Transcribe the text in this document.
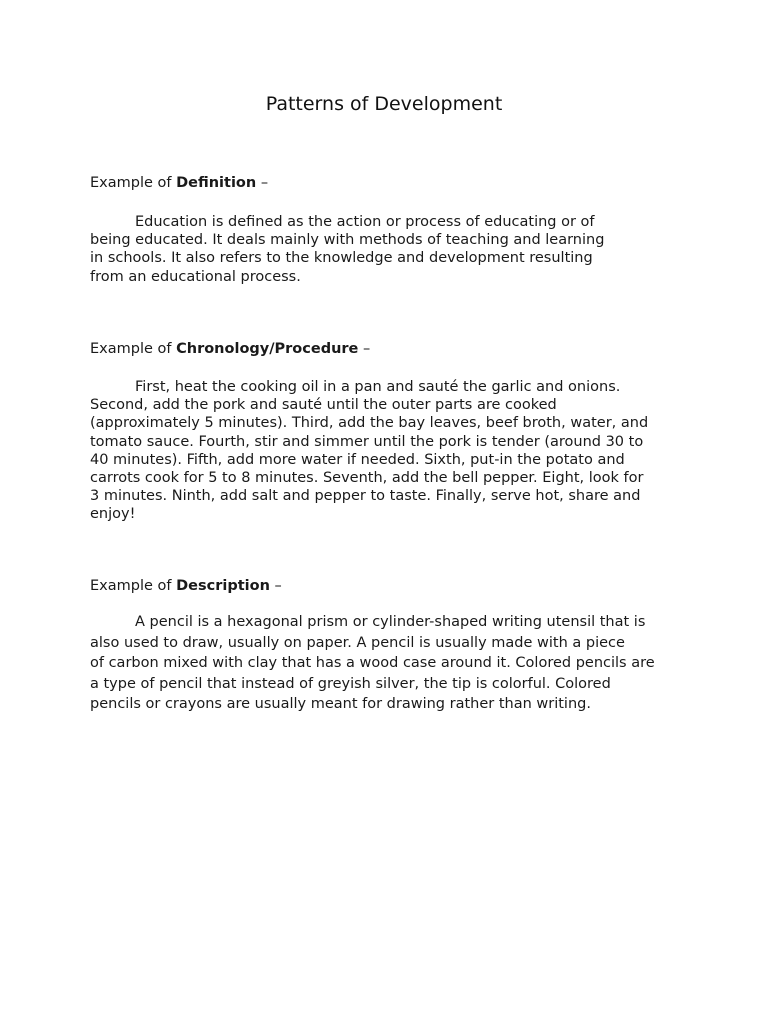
Patterns of Development
Example of Definition –
Education is defined as the action or process of educating or of
being educated. It deals mainly with methods of teaching and learning
in schools. It also refers to the knowledge and development resulting
from an educational process.
Example of Chronology/Procedure –
First, heat the cooking oil in a pan and sauté the garlic and onions.
Second, add the pork and sauté until the outer parts are cooked
(approximately 5 minutes). Third, add the bay leaves, beef broth, water, and
tomato sauce. Fourth, stir and simmer until the pork is tender (around 30 to
40 minutes). Fifth, add more water if needed. Sixth, put-in the potato and
carrots cook for 5 to 8 minutes. Seventh, add the bell pepper. Eight, look for
3 minutes. Ninth, add salt and pepper to taste. Finally, serve hot, share and
enjoy!
Example of Description –
A pencil is a hexagonal prism or cylinder-shaped writing utensil that is
also used to draw, usually on paper. A pencil is usually made with a piece
of carbon mixed with clay that has a wood case around it. Colored pencils are
a type of pencil that instead of greyish silver, the tip is colorful. Colored
pencils or crayons are usually meant for drawing rather than writing.
